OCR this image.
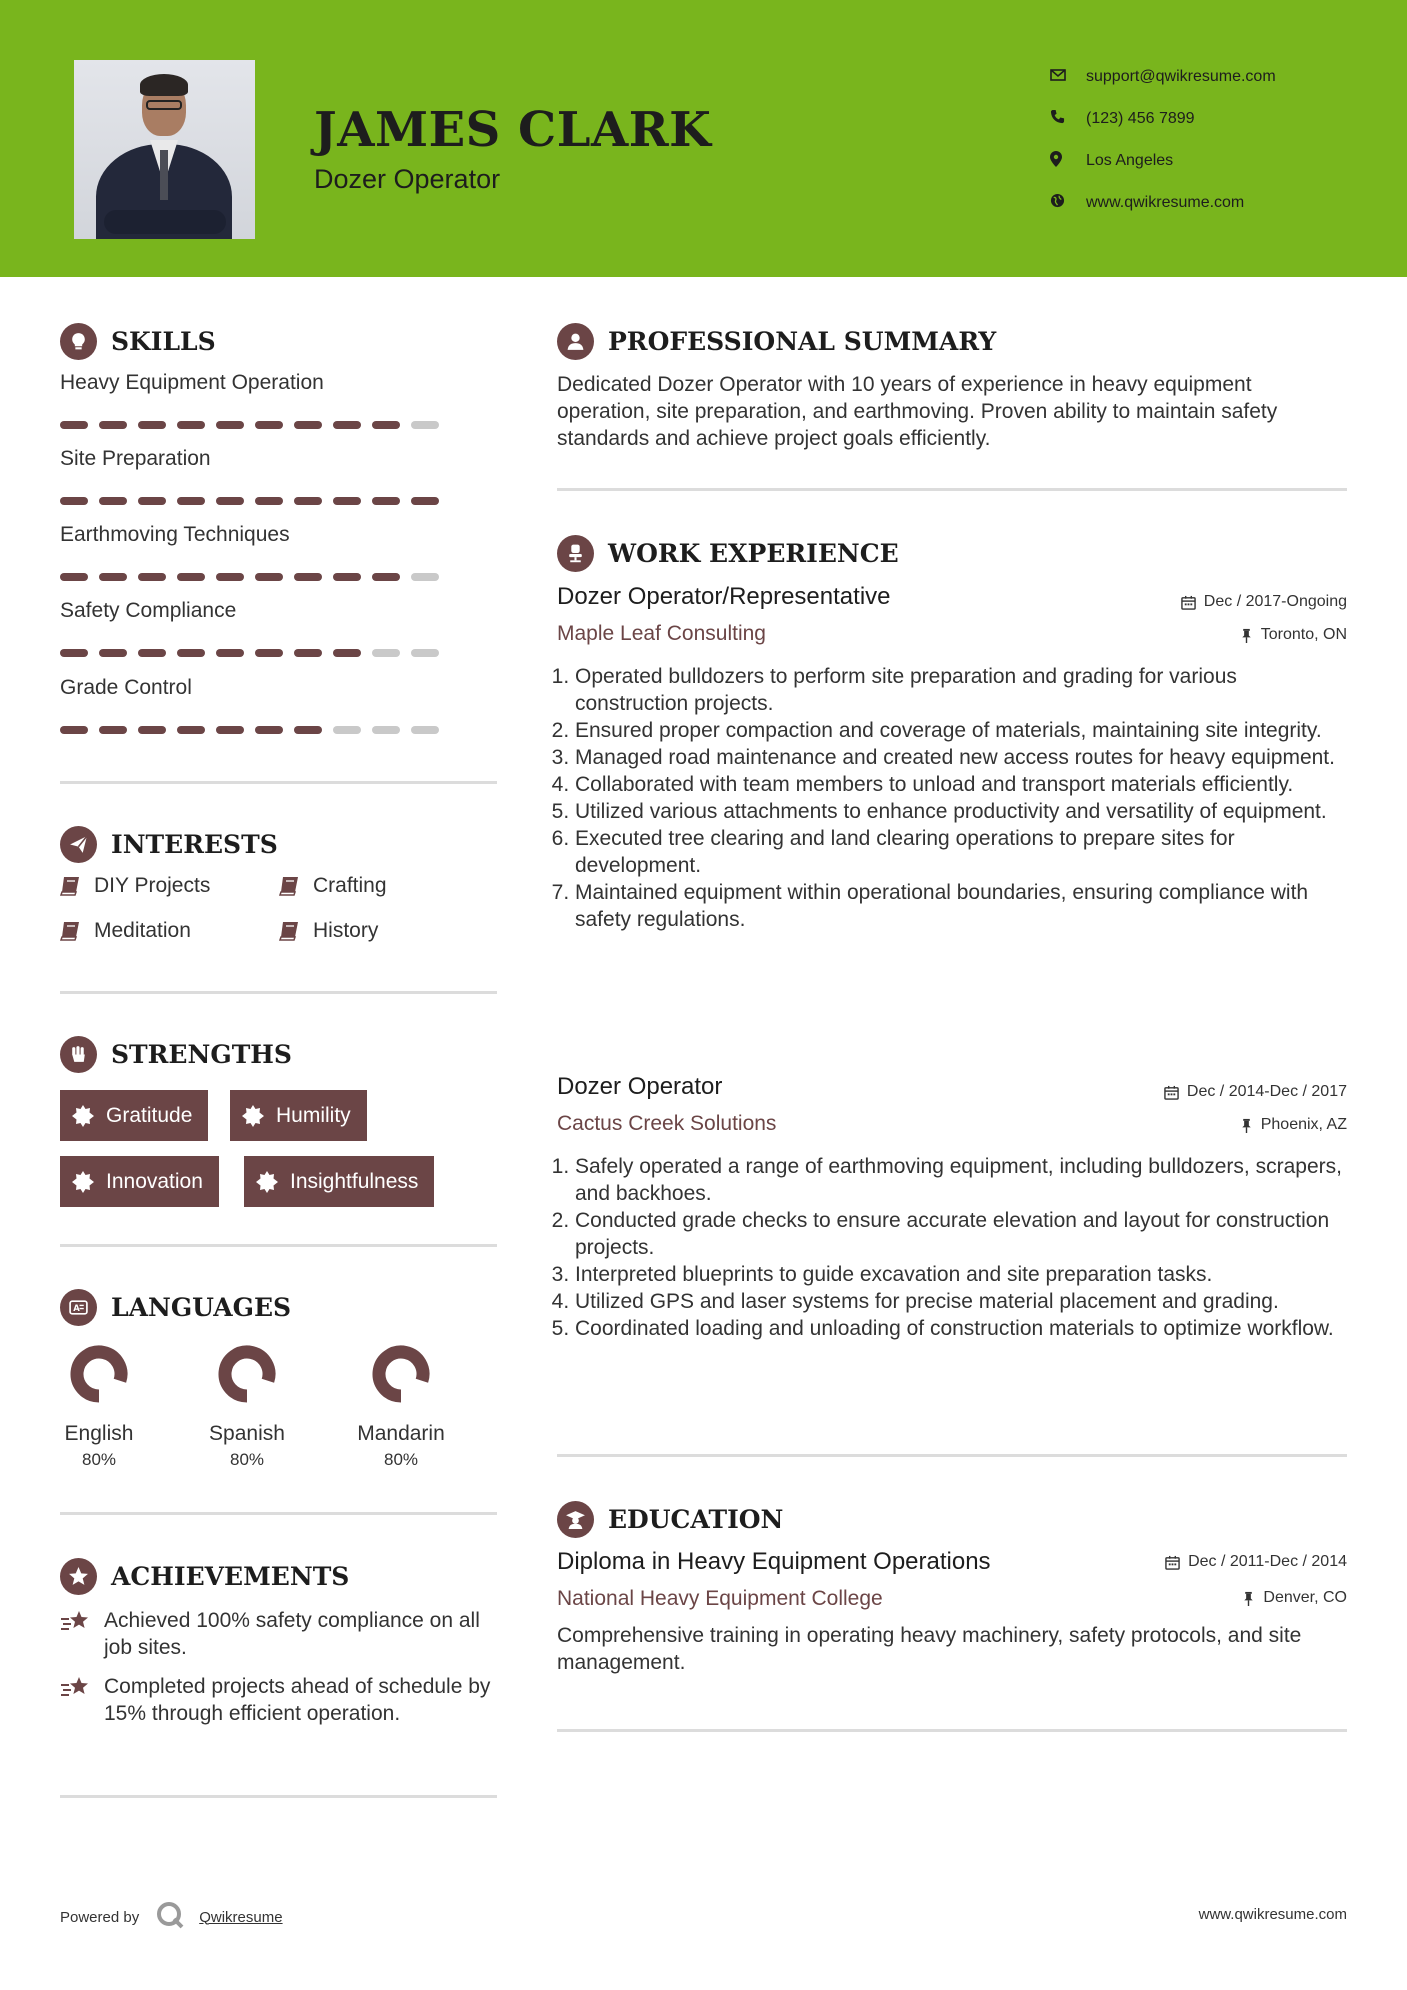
JAMES CLARK
Dozer Operator
support@qwikresume.com
(123) 456 7899
Los Angeles
www.qwikresume.com
SKILLS
Heavy Equipment Operation
Site Preparation
Earthmoving Techniques
Safety Compliance
Grade Control
INTERESTS
DIY Projects	Crafting
Meditation	History
STRENGTHS
Gratitude	Humility
Innovation	Insightfulness
A LANGUAGES
English
80%
Spanish
80%
Mandarin
80%
ACHIEVEMENTS
Achieved 100% safety compliance on all job sites.
Completed projects ahead of schedule by 15% through efficient operation.
PROFESSIONAL SUMMARY
Dedicated Dozer Operator with 10 years of experience in heavy equipment operation, site preparation, and earthmoving. Proven ability to maintain safety standards and achieve project goals efficiently.
WORK EXPERIENCE
Dozer Operator/Representative	Dec / 2017-Ongoing
Maple Leaf Consulting	Toronto, ON
1. Operated bulldozers to perform site preparation and grading for various construction projects.
2. Ensured proper compaction and coverage of materials, maintaining site integrity.
3. Managed road maintenance and created new access routes for heavy equipment.
4. Collaborated with team members to unload and transport materials efficiently.
5. Utilized various attachments to enhance productivity and versatility of equipment.
6. Executed tree clearing and land clearing operations to prepare sites for development.
7. Maintained equipment within operational boundaries, ensuring compliance with safety regulations.
Dozer Operator	Dec / 2014-Dec / 2017
Cactus Creek Solutions	Phoenix, AZ
1. Safely operated a range of earthmoving equipment, including bulldozers, scrapers, and backhoes.
2. Conducted grade checks to ensure accurate elevation and layout for construction projects.
3. Interpreted blueprints to guide excavation and site preparation tasks.
4. Utilized GPS and laser systems for precise material placement and grading.
5. Coordinated loading and unloading of construction materials to optimize workflow.
EDUCATION
Diploma in Heavy Equipment Operations	Dec / 2011-Dec / 2014
National Heavy Equipment College	Denver, CO
Comprehensive training in operating heavy machinery, safety protocols, and site management.
Powered by	Qwikresume	www.qwikresume.com
